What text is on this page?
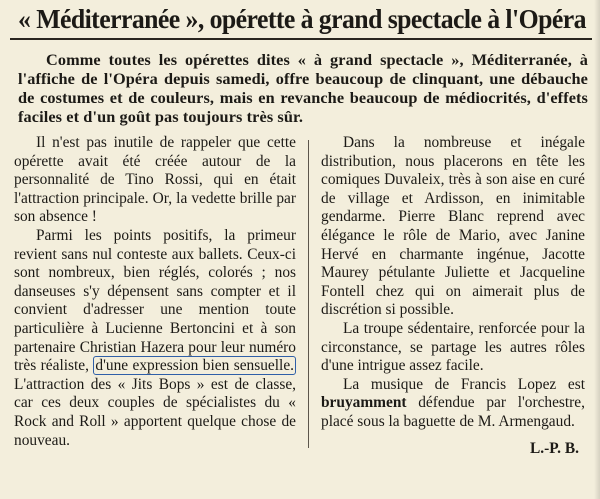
« Méditerranée », opérette à grand spectacle à l'Opéra
Comme toutes les opérettes dites « à grand spectacle », Méditerranée, à l'affiche de l'Opéra depuis samedi, offre beaucoup de clinquant, une débauche de costumes et de couleurs, mais en revanche beaucoup de médiocrités, d'effets faciles et d'un goût pas toujours très sûr.

Il n'est pas inutile de rappeler que cette opérette avait été créée autour de la personnalité de Tino Rossi, qui en était l'attraction principale. Or, la vedette brille par son absence !

Parmi les points positifs, la primeur revient sans nul conteste aux ballets. Ceux-ci sont nombreux, bien réglés, colorés ; nos danseuses s'y dépensent sans compter et il convient d'adresser une mention toute particulière à Lucienne Bertoncini et à son partenaire Christian Hazera pour leur numéro très réaliste, d'une expression bien sensuelle. L'attraction des « Jits Bops » est de classe, car ces deux couples de spécialistes du « Rock and Roll » apportent quelque chose de nouveau.

Dans la nombreuse et inégale distribution, nous placerons en tête les comiques Duvaleix, très à son aise en curé de village et Ardisson, en inimitable gendarme. Pierre Blanc reprend avec élégance le rôle de Mario, avec Janine Hervé en charmante ingénue, Jacotte Maurey pétulante Juliette et Jacqueline Fontell chez qui on aimerait plus de discrétion si possible.

La troupe sédentaire, renforcée pour la circonstance, se partage les autres rôles d'une intrigue assez facile.

La musique de Francis Lopez est bruyamment défendue par l'orchestre, placé sous la baguette de M. Armengaud.

L.-P. B.
